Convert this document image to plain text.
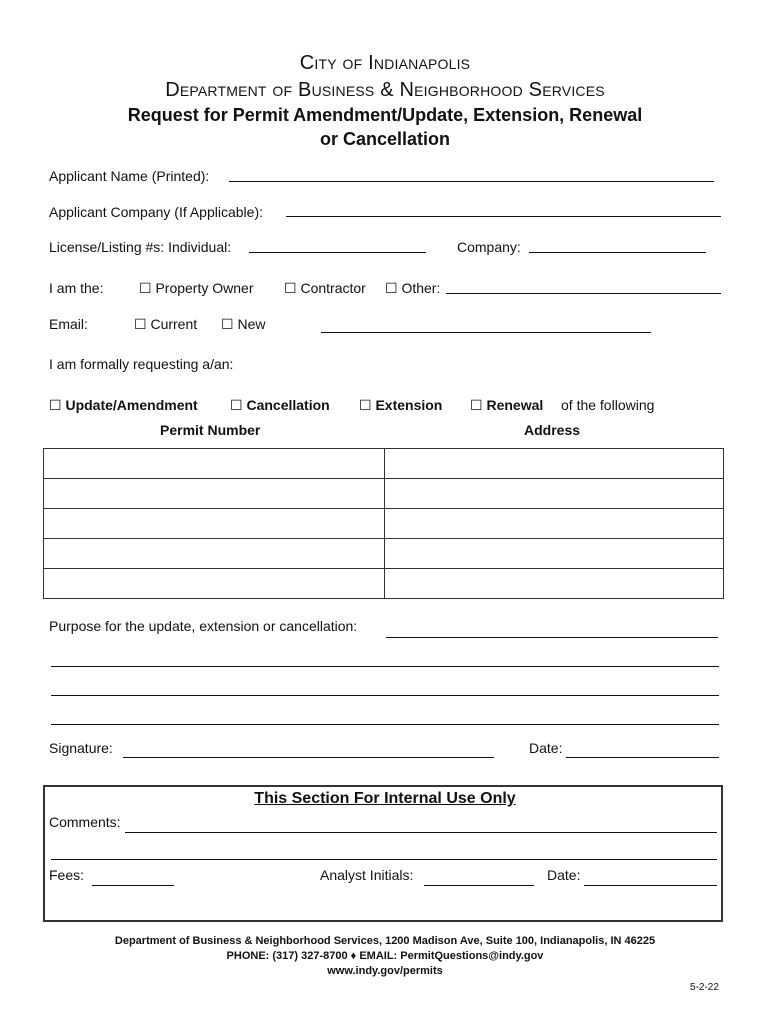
City of Indianapolis
Department of Business & Neighborhood Services
Request for Permit Amendment/Update, Extension, Renewal
or Cancellation
Applicant Name (Printed):
Applicant Company (If Applicable):
License/Listing #s: Individual:	Company:
I am the:	☐ Property Owner ☐ Contractor ☐ Other:
Email:	☐ Current ☐ New
I am formally requesting a/an:
☐ Update/Amendment ☐ Cancellation ☐ Extension ☐ Renewal of the following
Permit Number	Address

Purpose for the update, extension or cancellation:
Signature:	Date:
This Section For Internal Use Only
Comments:
Fees:	Analyst Initials:	Date:
Department of Business & Neighborhood Services, 1200 Madison Ave, Suite 100, Indianapolis, IN 46225
PHONE: (317) 327-8700 ♦ EMAIL: PermitQuestions@indy.gov
www.indy.gov/permits
5-2-22
